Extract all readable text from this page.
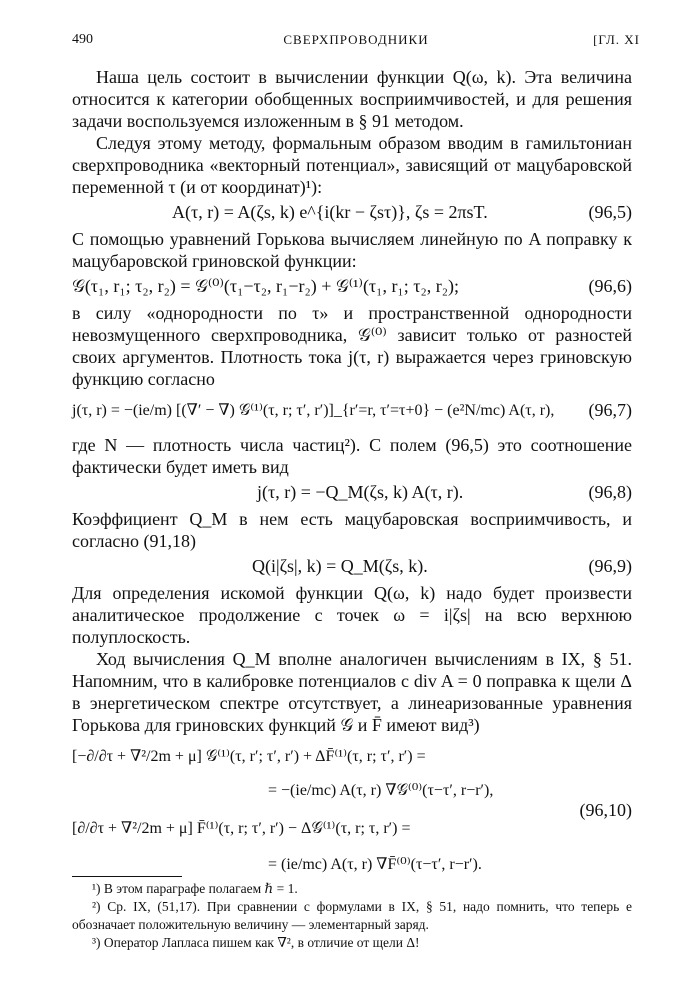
490	СВЕРХПРОВОДНИКИ	[ГЛ. XI

Наша цель состоит в вычислении функции Q(ω, k). Эта величина относится к категории обобщенных восприимчивостей, и для решения задачи воспользуемся изложенным в § 91 методом.

Следуя этому методу, формальным образом вводим в гамильтониан сверхпроводника «векторный потенциал», зависящий от мацубаровской переменной τ (и от координат)¹):

A(τ, r) = A(ζs, k) e^{i(kr − ζsτ)}, ζs = 2πsT.	(96,5)

С помощью уравнений Горькова вычисляем линейную по A поправку к мацубаровской гриновской функции:

𝒢(τ₁, r₁; τ₂, r₂) = 𝒢⁽⁰⁾(τ₁−τ₂, r₁−r₂) + 𝒢⁽¹⁾(τ₁, r₁; τ₂, r₂);	(96,6)

в силу «однородности по τ» и пространственной однородности невозмущенного сверхпроводника, 𝒢⁽⁰⁾ зависит только от разностей своих аргументов. Плотность тока j(τ, r) выражается через гриновскую функцию согласно

j(τ, r) = −(ie/m) [(∇′ − ∇) 𝒢⁽¹⁾(τ, r; τ′, r′)]_{r′=r, τ′=τ+0} − (e²N/mc) A(τ, r), (96,7)

где N — плотность числа частиц²). С полем (96,5) это соотношение фактически будет иметь вид

j(τ, r) = −Q_M(ζs, k) A(τ, r).	(96,8)

Коэффициент Q_M в нем есть мацубаровская восприимчивость, и согласно (91,18)

Q(i|ζs|, k) = Q_M(ζs, k).	(96,9)

Для определения искомой функции Q(ω, k) надо будет произвести аналитическое продолжение с точек ω = i|ζs| на всю верхнюю полуплоскость.

Ход вычисления Q_M вполне аналогичен вычислениям в IX, § 51. Напомним, что в калибровке потенциалов с div A = 0 поправка к щели Δ в энергетическом спектре отсутствует, а линеаризованные уравнения Горькова для гриновских функций 𝒢 и F̄ имеют вид³)

[−∂/∂τ + ∇²/2m + μ] 𝒢⁽¹⁾(τ, r′; τ′, r′) + ΔF̄⁽¹⁾(τ, r; τ′, r′) =
= −(ie/mc) A(τ, r) ∇𝒢⁽⁰⁾(τ−τ′, r−r′),
[∂/∂τ + ∇²/2m + μ] F̄⁽¹⁾(τ, r; τ′, r′) − Δ𝒢⁽¹⁾(τ, r; τ, r′) =
= (ie/mc) A(τ, r) ∇F̄⁽⁰⁾(τ−τ′, r−r′).
(96,10)
¹) В этом параграфе полагаем ℏ = 1.
²) Ср. IX, (51,17). При сравнении с формулами в IX, § 51, надо помнить, что теперь e обозначает положительную величину — элементарный заряд.
³) Оператор Лапласа пишем как ∇², в отличие от щели Δ!
